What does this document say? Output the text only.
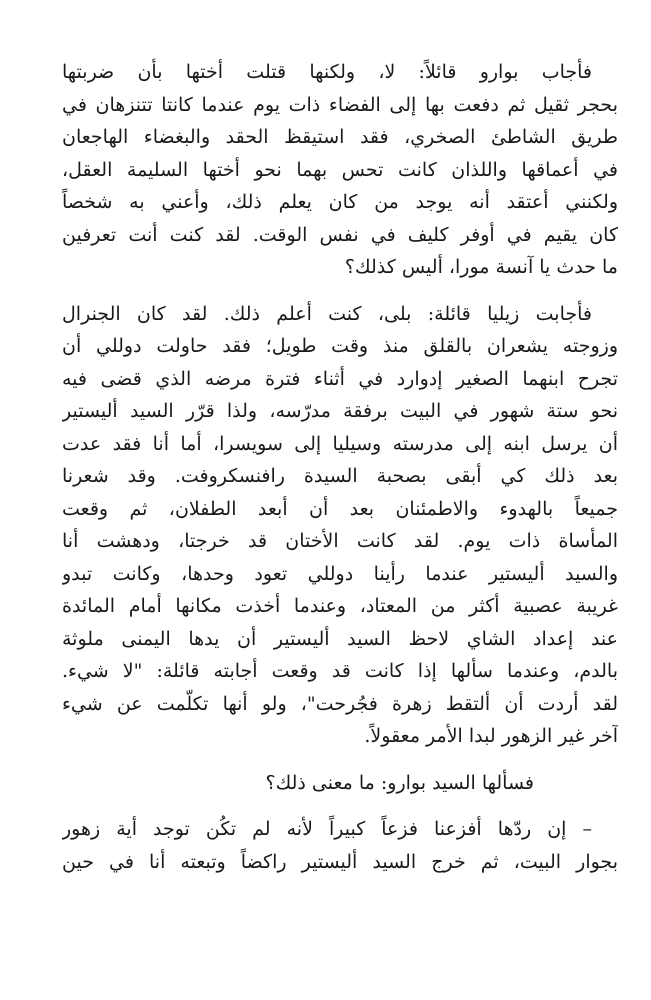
فأجاب بوارو قائلاً: لا، ولكنها قتلت أختها بأن ضربتها
بحجر ثقيل ثم دفعت بها إلى الفضاء ذات يوم عندما كانتا تتنزهان في
طريق الشاطئ الصخري، فقد استيقظ الحقد والبغضاء الهاجعان
في أعماقها واللذان كانت تحس بهما نحو أختها السليمة العقل،
ولكنني أعتقد أنه يوجد من كان يعلم ذلك، وأعني به شخصاً
كان يقيم في أوفر كليف في نفس الوقت. لقد كنت أنت تعرفين
ما حدث يا آنسة مورا، أليس كذلك؟
فأجابت زيليا قائلة: بلى، كنت أعلم ذلك. لقد كان الجنرال
وزوجته يشعران بالقلق منذ وقت طويل؛ فقد حاولت دوللي أن
تجرح ابنهما الصغير إدوارد في أثناء فترة مرضه الذي قضى فيه
نحو ستة شهور في البيت برفقة مدرّسه، ولذا قرّر السيد أليستير
أن يرسل ابنه إلى مدرسته وسيليا إلى سويسرا، أما أنا فقد عدت
بعد ذلك كي أبقى بصحبة السيدة رافنسكروفت. وقد شعرنا
جميعاً بالهدوء والاطمئنان بعد أن أبعد الطفلان، ثم وقعت
المأساة ذات يوم. لقد كانت الأختان قد خرجتا، ودهشت أنا
والسيد أليستير عندما رأينا دوللي تعود وحدها، وكانت تبدو
غريبة عصبية أكثر من المعتاد، وعندما أخذت مكانها أمام المائدة
عند إعداد الشاي لاحظ السيد أليستير أن يدها اليمنى ملوثة
بالدم، وعندما سألها إذا كانت قد وقعت أجابته قائلة: "لا شيء.
لقد أردت أن ألتقط زهرة فجُرحت"، ولو أنها تكلّمت عن شيء
آخر غير الزهور لبدا الأمر معقولاً.
فسألها السيد بوارو: ما معنى ذلك؟
– إن ردّها أفزعنا فزعاً كبيراً لأنه لم تكُن توجد أية زهور
بجوار البيت، ثم خرج السيد أليستير راكضاً وتبعته أنا في حين
